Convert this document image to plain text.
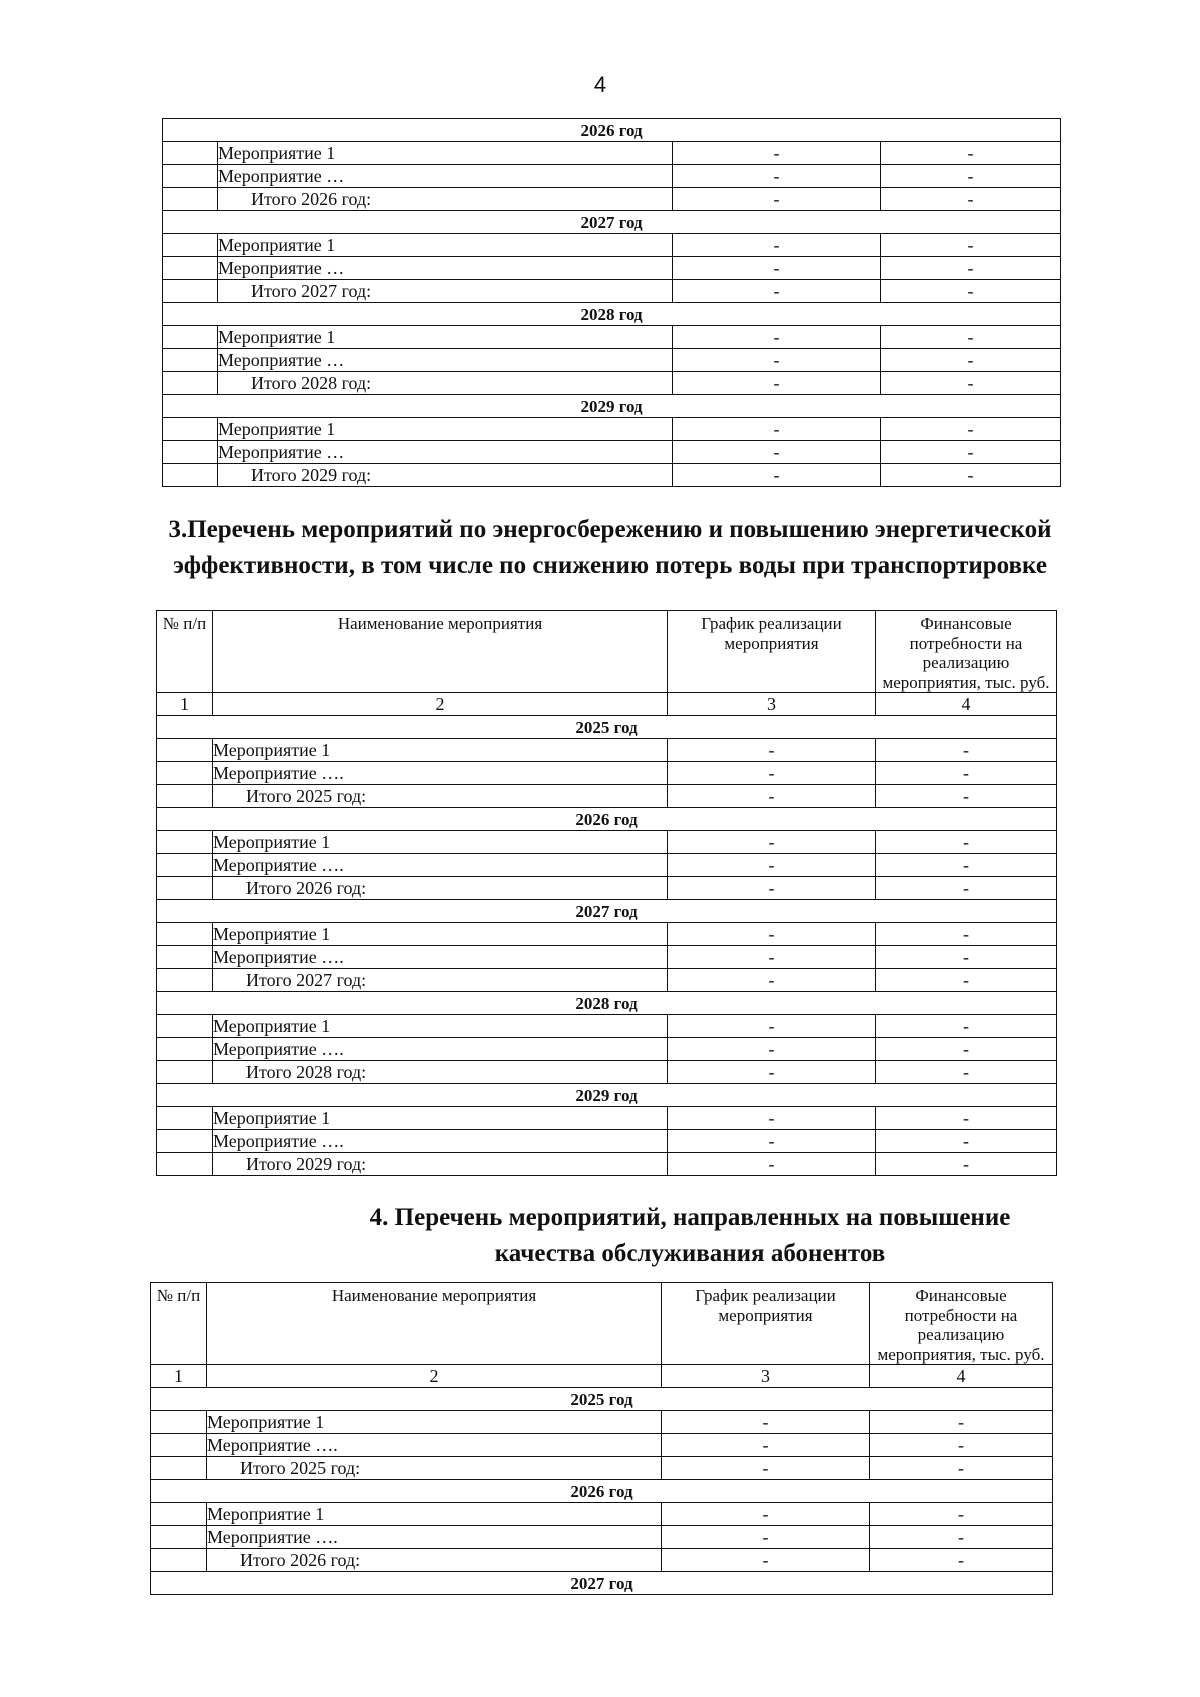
4
2026 год			
	Мероприятие 1	-	-
	Мероприятие …	-	-
	Итого 2026 год:	-	-
2027 год			
	Мероприятие 1	-	-
	Мероприятие …	-	-
	Итого 2027 год:	-	-
2028 год			
	Мероприятие 1	-	-
	Мероприятие …	-	-
	Итого 2028 год:	-	-
2029 год			
	Мероприятие 1	-	-
	Мероприятие …	-	-
	Итого 2029 год:	-	-
3.Перечень мероприятий по энергосбережению и повышению энергетической эффективности, в том числе по снижению потерь воды при транспортировке
№ п/п	Наименование мероприятия	График реализации мероприятия	Финансовые потребности на реализацию мероприятия, тыс. руб.
1	2	3	4
2025 год			
	Мероприятие 1	-	-
	Мероприятие ….	-	-
	Итого 2025 год:	-	-
2026 год			
	Мероприятие 1	-	-
	Мероприятие ….	-	-
	Итого 2026 год:	-	-
2027 год			
	Мероприятие 1	-	-
	Мероприятие ….	-	-
	Итого 2027 год:	-	-
2028 год			
	Мероприятие 1	-	-
	Мероприятие ….	-	-
	Итого 2028 год:	-	-
2029 год			
	Мероприятие 1	-	-
	Мероприятие ….	-	-
	Итого 2029 год:	-	-
4. Перечень мероприятий, направленных на повышение качества обслуживания абонентов
№ п/п	Наименование мероприятия	График реализации мероприятия	Финансовые потребности на реализацию мероприятия, тыс. руб.
1	2	3	4
2025 год			
	Мероприятие 1	-	-
	Мероприятие ….	-	-
	Итого 2025 год:	-	-
2026 год			
	Мероприятие 1	-	-
	Мероприятие ….	-	-
	Итого 2026 год:	-	-
2027 год			
